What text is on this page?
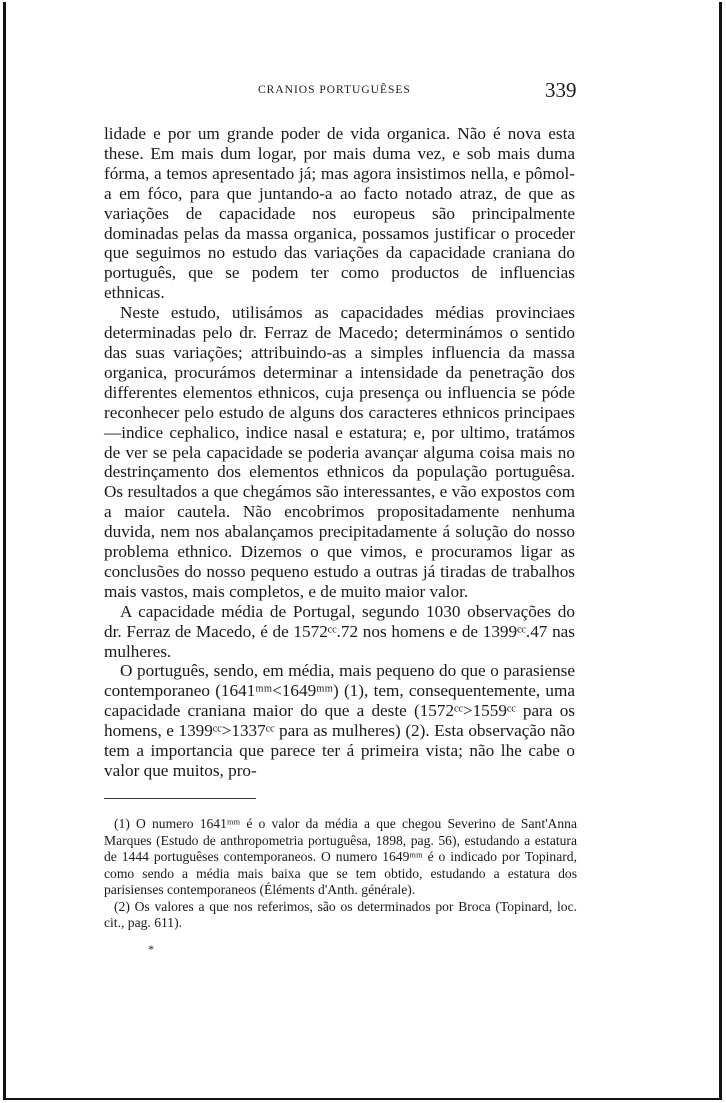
CRANIOS PORTUGUÊSES	339

lidade e por um grande poder de vida organica. Não é nova esta these. Em mais dum logar, por mais duma vez, e sob mais duma fórma, a temos apresentado já; mas agora insistimos nella, e pômol-a em fóco, para que juntando-a ao facto notado atraz, de que as variações de capacidade nos europeus são principalmente dominadas pelas da massa organica, possamos justificar o proceder que seguimos no estudo das variações da capacidade craniana do português, que se podem ter como productos de influencias ethnicas.

Neste estudo, utilisámos as capacidades médias provinciaes determinadas pelo dr. Ferraz de Macedo; determinámos o sentido das suas variações; attribuindo-as a simples influencia da massa organica, procurámos determinar a intensidade da penetração dos differentes elementos ethnicos, cuja presença ou influencia se póde reconhecer pelo estudo de alguns dos caracteres ethnicos principaes—indice cephalico, indice nasal e estatura; e, por ultimo, tratámos de ver se pela capacidade se poderia avançar alguma coisa mais no destrinçamento dos elementos ethnicos da população portuguêsa. Os resultados a que chegámos são interessantes, e vão expostos com a maior cautela. Não encobrimos propositadamente nenhuma duvida, nem nos abalançamos precipitadamente á solução do nosso problema ethnico. Dizemos o que vimos, e procuramos ligar as conclusões do nosso pequeno estudo a outras já tiradas de trabalhos mais vastos, mais completos, e de muito maior valor.

A capacidade média de Portugal, segundo 1030 observações do dr. Ferraz de Macedo, é de 1572ᶜᶜ.72 nos homens e de 1399ᶜᶜ.47 nas mulheres.

O português, sendo, em média, mais pequeno do que o parasiense contemporaneo (1641ᵐᵐ<1649ᵐᵐ) (1), tem, consequentemente, uma capacidade craniana maior do que a deste (1572ᶜᶜ>1559ᶜᶜ para os homens, e 1399ᶜᶜ>1337ᶜᶜ para as mulheres) (2). Esta observação não tem a importancia que parece ter á primeira vista; não lhe cabe o valor que muitos, pro-

(1) O numero 1641ᵐᵐ é o valor da média a que chegou Severino de Sant'Anna Marques (Estudo de anthropometria portuguêsa, 1898, pag. 56), estudando a estatura de 1444 portuguêses contemporaneos. O numero 1649ᵐᵐ é o indicado por Topinard, como sendo a média mais baixa que se tem obtido, estudando a estatura dos parisienses contemporaneos (Éléments d'Anth. générale).

(2) Os valores a que nos referimos, são os determinados por Broca (Topinard, loc. cit., pag. 611).

*
